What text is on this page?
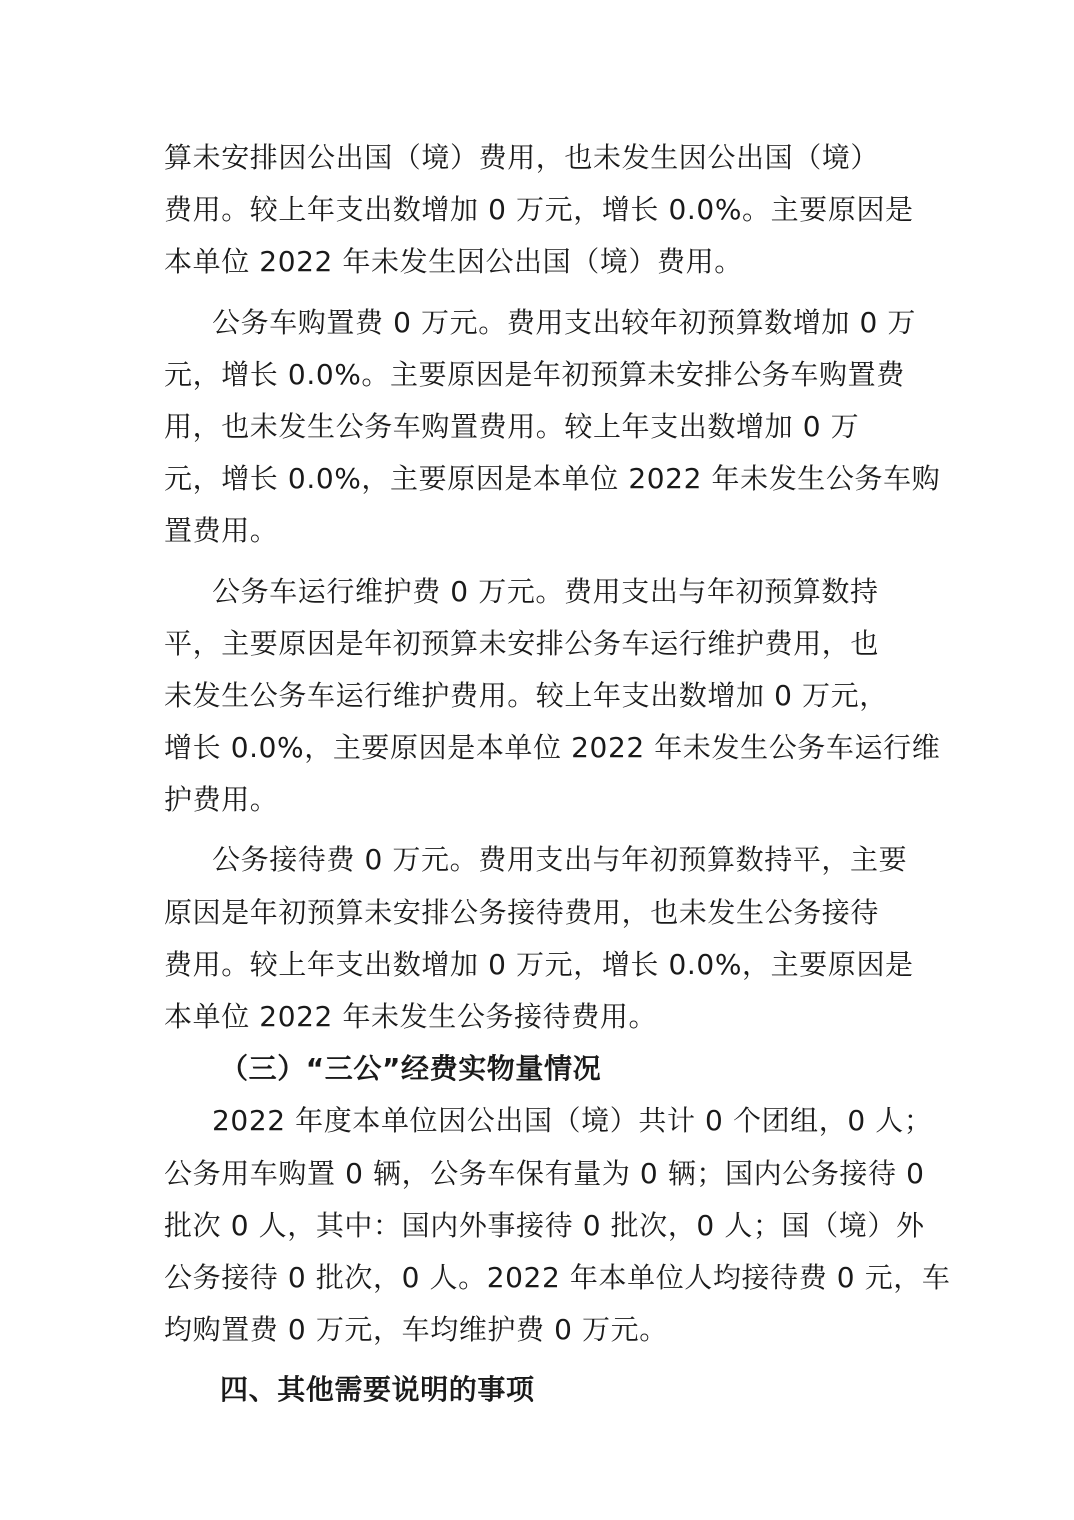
算未安排因公出国（境）费用，也未发生因公出国（境）
费用。较上年支出数增加 0 万元，增长 0.0%。主要原因是
本单位 2022 年未发生因公出国（境）费用。
公务车购置费 0 万元。费用支出较年初预算数增加 0 万
元，增长 0.0%。主要原因是年初预算未安排公务车购置费
用，也未发生公务车购置费用。较上年支出数增加 0 万
元，增长 0.0%，主要原因是本单位 2022 年未发生公务车购
置费用。
公务车运行维护费 0 万元。费用支出与年初预算数持
平，主要原因是年初预算未安排公务车运行维护费用，也
未发生公务车运行维护费用。较上年支出数增加 0 万元，
增长 0.0%，主要原因是本单位 2022 年未发生公务车运行维
护费用。
公务接待费 0 万元。费用支出与年初预算数持平，主要
原因是年初预算未安排公务接待费用，也未发生公务接待
费用。较上年支出数增加 0 万元，增长 0.0%，主要原因是
本单位 2022 年未发生公务接待费用。
（三）“三公”经费实物量情况
2022 年度本单位因公出国（境）共计 0 个团组，0 人；
公务用车购置 0 辆，公务车保有量为 0 辆；国内公务接待 0
批次 0 人，其中：国内外事接待 0 批次，0 人；国（境）外
公务接待 0 批次，0 人。2022 年本单位人均接待费 0 元，车
均购置费 0 万元，车均维护费 0 万元。
四、其他需要说明的事项
